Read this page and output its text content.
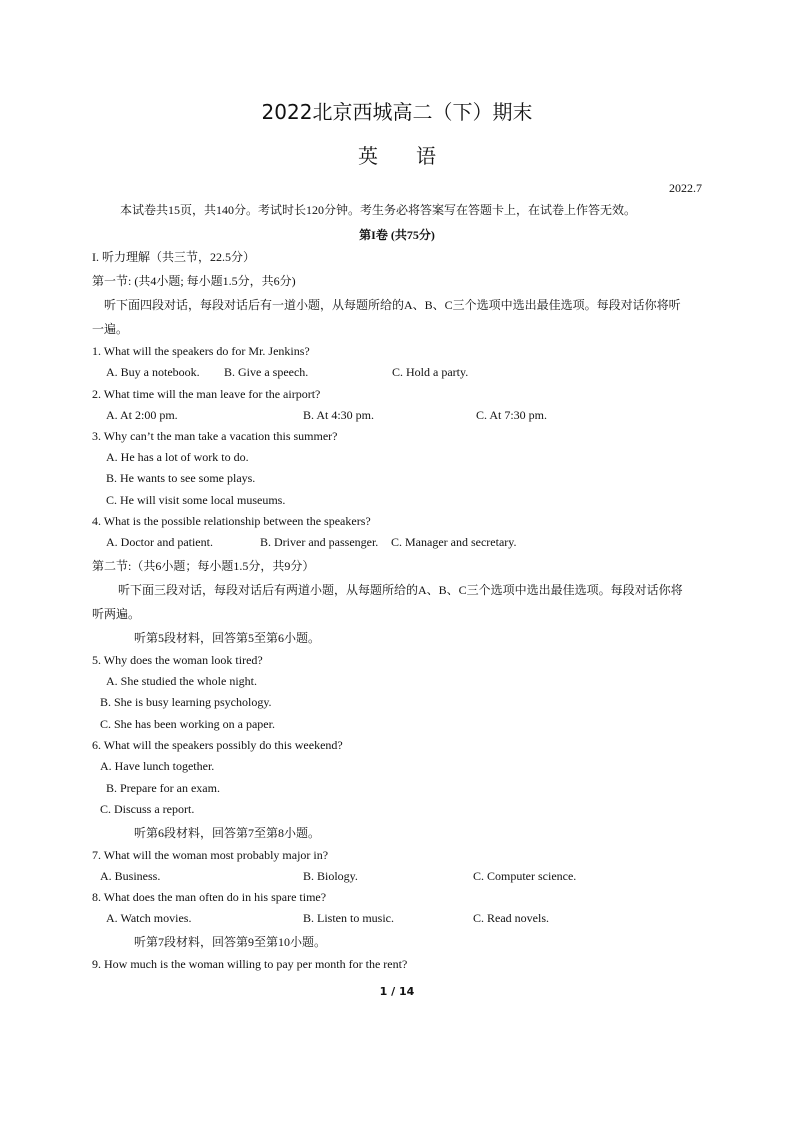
2022北京西城高二（下）期末
英语
2022.7
本试卷共15页，共140分。考试时长120分钟。考生务必将答案写在答题卡上，在试卷上作答无效。
第I卷 (共75分)
I. 听力理解（共三节，22.5分）
第一节: (共4小题; 每小题1.5分，共6分)
听下面四段对话，每段对话后有一道小题，从每题所给的A、B、C三个选项中选出最佳选项。每段对话你将听
一遍。
1. What will the speakers do for Mr. Jenkins?
A. Buy a notebook. B. Give a speech.	C. Hold a party.
2. What time will the man leave for the airport?
A. At 2:00 pm.	B. At 4:30 pm.	C. At 7:30 pm.
3. Why can’t the man take a vacation this summer?
A. He has a lot of work to do.
B. He wants to see some plays.
C. He will visit some local museums.
4. What is the possible relationship between the speakers?
A. Doctor and patient.	B. Driver and passenger. C. Manager and secretary.
第二节:（共6小题；每小题1.5分，共9分）
听下面三段对话，每段对话后有两道小题，从每题所给的A、B、C三个选项中选出最佳选项。每段对话你将
听两遍。
听第5段材料，回答第5至第6小题。
5. Why does the woman look tired?
A. She studied the whole night.
B. She is busy learning psychology.
C. She has been working on a paper.
6. What will the speakers possibly do this weekend?
A. Have lunch together.
B. Prepare for an exam.
C. Discuss a report.
听第6段材料，回答第7至第8小题。
7. What will the woman most probably major in?
A. Business.	B. Biology.	C. Computer science.
8. What does the man often do in his spare time?
A. Watch movies.	B. Listen to music.	C. Read novels.
听第7段材料，回答第9至第10小题。
9. How much is the woman willing to pay per month for the rent?
1 / 14
